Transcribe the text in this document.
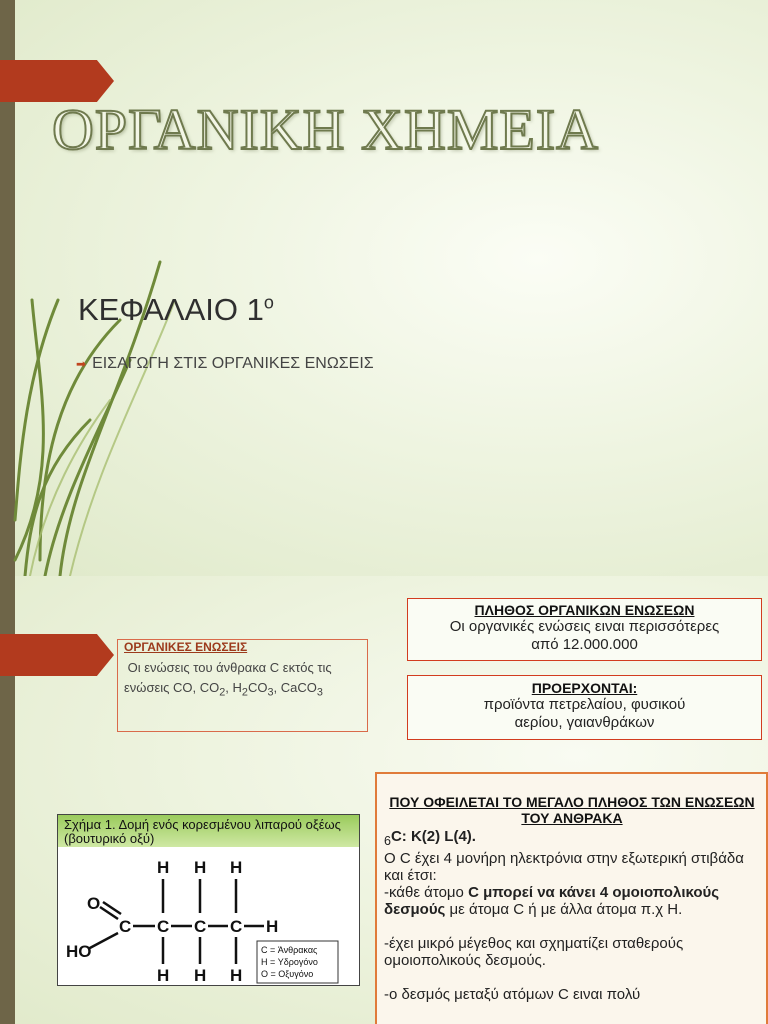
ΟΡΓΑΝΙΚΗ ΧΗΜΕΙΑ
ΚΕΦΑΛΑΙΟ $1^o$
➡ ΕΙΣΑΓΩΓΗ ΣΤΙΣ ΟΡΓΑΝΙΚΕΣ ΕΝΩΣΕΙΣ
ΟΡΓΑΝΙΚΕΣ ΕΝΩΣΕΙΣ
Οι ενώσεις του άνθρακα C εκτός τις ενώσεις CO, $CO_2$, $H_2CO_3$, CaCO$_3$
ΠΛΗΘΟΣ ΟΡΓΑΝΙΚΩΝ ΕΝΩΣΕΩΝ
Οι οργανικές ενώσεις ειναι περισσότερες από 12.000.000
ΠΡΟΕΡΧΟΝΤΑΙ:
προϊόντα πετρελαίου, φυσικού αερίου, γαιανθράκων
Σχήμα 1. Δομή ενός κορεσμένου λιπαρού οξέως (βουτυρικό οξύ)
H H H
O
C C C C H
HO
H H H
C = Άνθρακας
H = Υδρογόνο
O = Οξυγόνο
ΠΟΥ ΟΦΕΙΛΕΤΑΙ ΤΟ ΜΕΓΑΛΟ ΠΛΗΘΟΣ ΤΩΝ ΕΝΩΣΕΩΝ ΤΟΥ ΑΝΘΡΑΚΑ
$_6$C: K(2) L(4).
O C έχει 4 μονήρη ηλεκτρόνια στην εξωτερική στιβάδα και έτσι:
-κάθε άτομο C μπορεί να κάνει 4 ομοιοπολικούς δεσμούς με άτομα C ή με άλλα άτομα π.χ H.
-έχει μικρό μέγεθος και σχηματίζει σταθερούς ομοιοπολικούς δεσμούς.
-ο δεσμός μεταξύ ατόμων C ειναι πολύ
